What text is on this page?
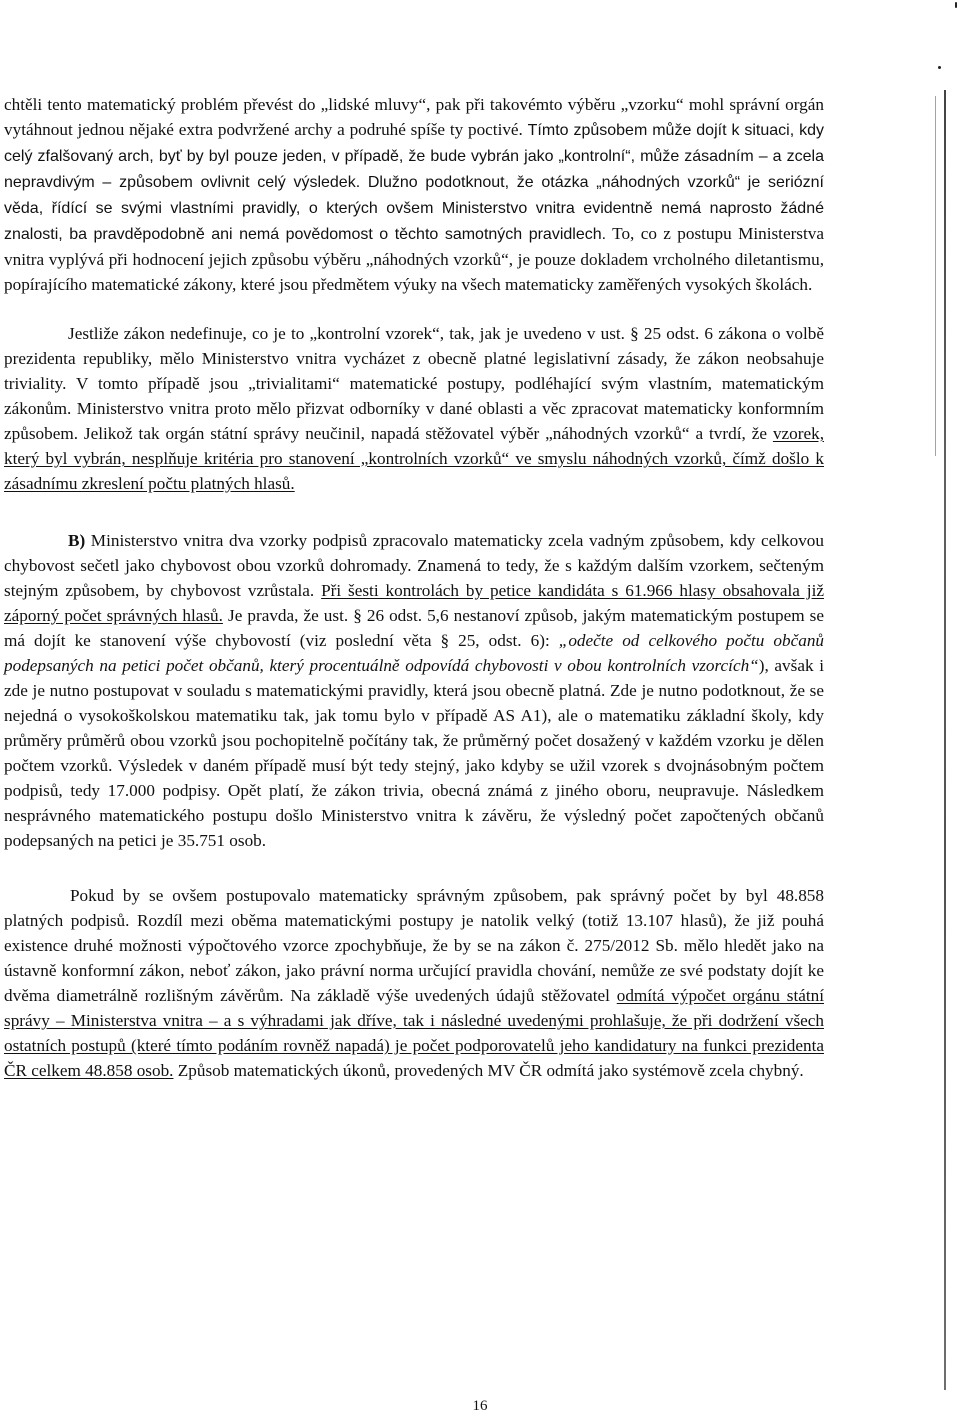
chtěli tento matematický problém převést do „lidské mluvy“, pak při takovémto výběru „vzorku“ mohl správní orgán vytáhnout jednou nějaké extra podvržené archy a podruhé spíše ty poctivé. Tímto způsobem může dojít k situaci, kdy celý zfalšovaný arch, byť by byl pouze jeden, v případě, že bude vybrán jako „kontrolní“, může zásadním – a zcela nepravdivým – způsobem ovlivnit celý výsledek. Dlužno podotknout, že otázka „náhodných vzorků“ je seriózní věda, řídící se svými vlastními pravidly, o kterých ovšem Ministerstvo vnitra evidentně nemá naprosto žádné znalosti, ba pravděpodobně ani nemá povědomost o těchto samotných pravidlech. To, co z postupu Ministerstva vnitra vyplývá při hodnocení jejich způsobu výběru „náhodných vzorků“, je pouze dokladem vrcholného diletantismu, popírajícího matematické zákony, které jsou předmětem výuky na všech matematicky zaměřených vysokých školách.

Jestliže zákon nedefinuje, co je to „kontrolní vzorek“, tak, jak je uvedeno v ust. § 25 odst. 6 zákona o volbě prezidenta republiky, mělo Ministerstvo vnitra vycházet z obecně platné legislativní zásady, že zákon neobsahuje triviality. V tomto případě jsou „trivialitami“ matematické postupy, podléhající svým vlastním, matematickým zákonům. Ministerstvo vnitra proto mělo přizvat odborníky v dané oblasti a věc zpracovat matematicky konformním způsobem. Jelikož tak orgán státní správy neučinil, napadá stěžovatel výběr „náhodných vzorků“ a tvrdí, že vzorek, který byl vybrán, nesplňuje kritéria pro stanovení „kontrolních vzorků“ ve smyslu náhodných vzorků, čímž došlo k zásadnímu zkreslení počtu platných hlasů.

B) Ministerstvo vnitra dva vzorky podpisů zpracovalo matematicky zcela vadným způsobem, kdy celkovou chybovost sečetl jako chybovost obou vzorků dohromady. Znamená to tedy, že s každým dalším vzorkem, sečteným stejným způsobem, by chybovost vzrůstala. Při šesti kontrolách by petice kandidáta s 61.966 hlasy obsahovala již záporný počet správných hlasů. Je pravda, že ust. § 26 odst. 5,6 nestanoví způsob, jakým matematickým postupem se má dojít ke stanovení výše chybovostí (viz poslední věta § 25, odst. 6): „odečte od celkového počtu občanů podepsaných na petici počet občanů, který procentuálně odpovídá chybovosti v obou kontrolních vzorcích“), avšak i zde je nutno postupovat v souladu s matematickými pravidly, která jsou obecně platná. Zde je nutno podotknout, že se nejedná o vysokoškolskou matematiku tak, jak tomu bylo v případě AS A1), ale o matematiku základní školy, kdy průměry průměrů obou vzorků jsou pochopitelně počítány tak, že průměrný počet dosažený v každém vzorku je dělen počtem vzorků. Výsledek v daném případě musí být tedy stejný, jako kdyby se užil vzorek s dvojnásobným počtem podpisů, tedy 17.000 podpisy. Opět platí, že zákon trivia, obecná známá z jiného oboru, neupravuje. Následkem nesprávného matematického postupu došlo Ministerstvo vnitra k závěru, že výsledný počet započtených občanů podepsaných na petici je 35.751 osob.

Pokud by se ovšem postupovalo matematicky správným způsobem, pak správný počet by byl 48.858 platných podpisů. Rozdíl mezi oběma matematickými postupy je natolik velký (totiž 13.107 hlasů), že již pouhá existence druhé možnosti výpočtového vzorce zpochybňuje, že by se na zákon č. 275/2012 Sb. mělo hledět jako na ústavně konformní zákon, neboť zákon, jako právní norma určující pravidla chování, nemůže ze své podstaty dojít ke dvěma diametrálně rozlišným závěrům. Na základě výše uvedených údajů stěžovatel odmítá výpočet orgánu státní správy – Ministerstva vnitra – a s výhradami jak dříve, tak i následné uvedenými prohlašuje, že při dodržení všech ostatních postupů (které tímto podáním rovněž napadá) je počet podporovatelů jeho kandidatury na funkci prezidenta ČR celkem 48.858 osob. Způsob matematických úkonů, provedených MV ČR odmítá jako systémově zcela chybný.

16
